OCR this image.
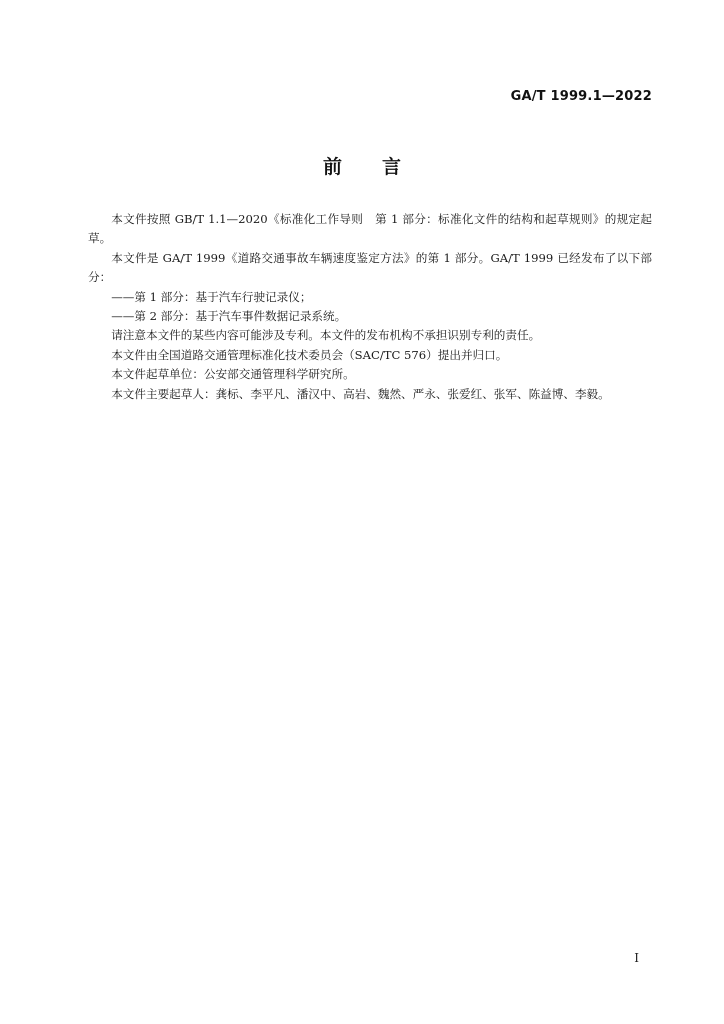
GA/T 1999.1—2022
前言

本文件按照 GB/T 1.1—2020《标准化工作导则　第 1 部分：标准化文件的结构和起草规则》的规定起草。

本文件是 GA/T 1999《道路交通事故车辆速度鉴定方法》的第 1 部分。GA/T 1999 已经发布了以下部分：

——第 1 部分：基于汽车行驶记录仪；

——第 2 部分：基于汽车事件数据记录系统。

请注意本文件的某些内容可能涉及专利。本文件的发布机构不承担识别专利的责任。

本文件由全国道路交通管理标准化技术委员会（SAC/TC 576）提出并归口。

本文件起草单位：公安部交通管理科学研究所。

本文件主要起草人：龚标、李平凡、潘汉中、高岩、魏然、严永、张爱红、张军、陈益博、李毅。

I
